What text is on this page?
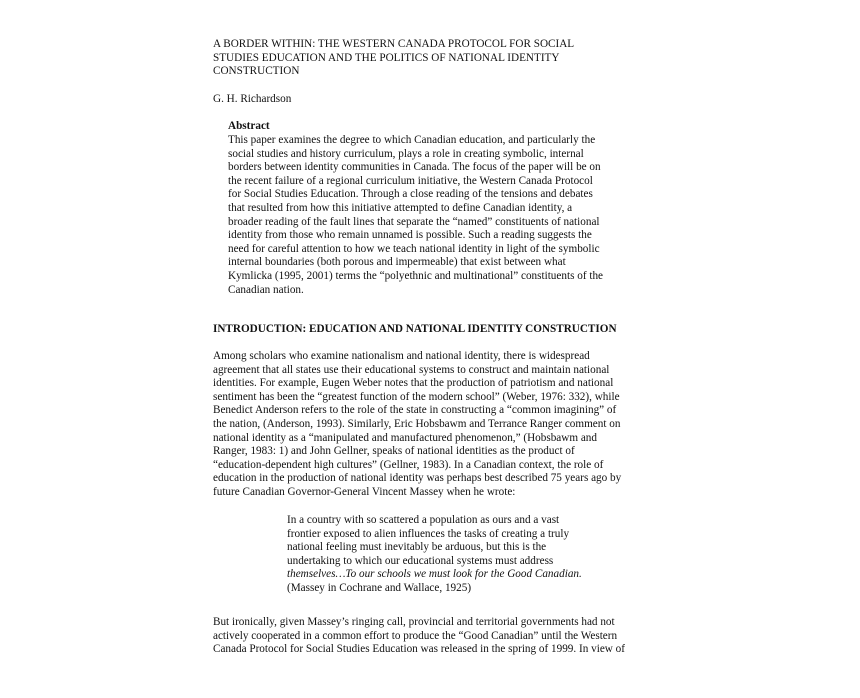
A BORDER WITHIN: THE WESTERN CANADA PROTOCOL FOR SOCIAL
STUDIES EDUCATION AND THE POLITICS OF NATIONAL IDENTITY
CONSTRUCTION
G. H. Richardson
Abstract
This paper examines the degree to which Canadian education, and particularly the
social studies and history curriculum, plays a role in creating symbolic, internal
borders between identity communities in Canada. The focus of the paper will be on
the recent failure of a regional curriculum initiative, the Western Canada Protocol
for Social Studies Education. Through a close reading of the tensions and debates
that resulted from how this initiative attempted to define Canadian identity, a
broader reading of the fault lines that separate the “named” constituents of national
identity from those who remain unnamed is possible. Such a reading suggests the
need for careful attention to how we teach national identity in light of the symbolic
internal boundaries (both porous and impermeable) that exist between what
Kymlicka (1995, 2001) terms the “polyethnic and multinational” constituents of the
Canadian nation.
INTRODUCTION: EDUCATION AND NATIONAL IDENTITY CONSTRUCTION
Among scholars who examine nationalism and national identity, there is widespread
agreement that all states use their educational systems to construct and maintain national
identities. For example, Eugen Weber notes that the production of patriotism and national
sentiment has been the “greatest function of the modern school” (Weber, 1976: 332), while
Benedict Anderson refers to the role of the state in constructing a “common imagining” of
the nation, (Anderson, 1993). Similarly, Eric Hobsbawm and Terrance Ranger comment on
national identity as a “manipulated and manufactured phenomenon,” (Hobsbawm and
Ranger, 1983: 1) and John Gellner, speaks of national identities as the product of
“education-dependent high cultures” (Gellner, 1983). In a Canadian context, the role of
education in the production of national identity was perhaps best described 75 years ago by
future Canadian Governor-General Vincent Massey when he wrote:
In a country with so scattered a population as ours and a vast
frontier exposed to alien influences the tasks of creating a truly
national feeling must inevitably be arduous, but this is the
undertaking to which our educational systems must address
themselves…To our schools we must look for the Good Canadian.
(Massey in Cochrane and Wallace, 1925)
But ironically, given Massey’s ringing call, provincial and territorial governments had not
actively cooperated in a common effort to produce the “Good Canadian” until the Western
Canada Protocol for Social Studies Education was released in the spring of 1999. In view of
